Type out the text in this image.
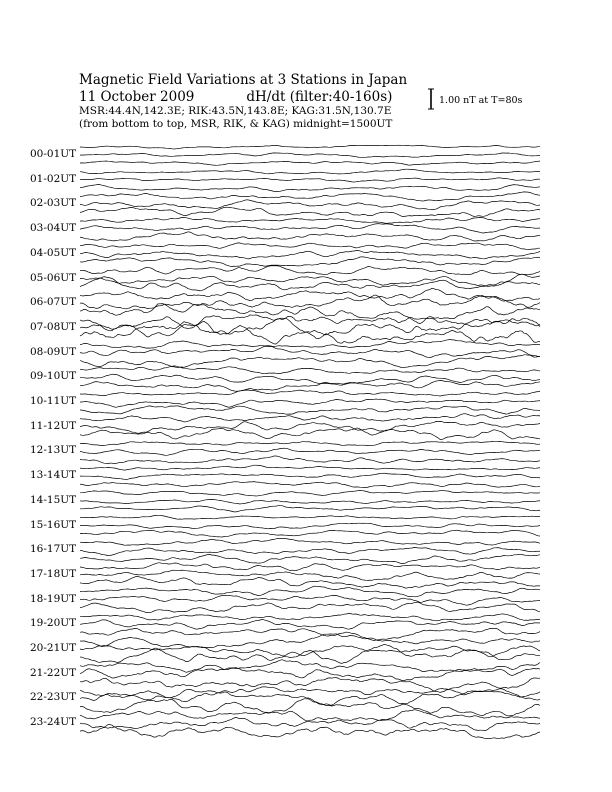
Magnetic Field Variations at 3 Stations in Japan
11 October 2009	dH/dt (filter:40-160s)
MSR:44.4N,142.3E; RIK:43.5N,143.8E; KAG:31.5N,130.7E
(from bottom to top, MSR, RIK, & KAG) midnight=1500UT
1.00 nT at T=80s
00-01UT
01-02UT
02-03UT
03-04UT
04-05UT
05-06UT
06-07UT
07-08UT
08-09UT
09-10UT
10-11UT
11-12UT
12-13UT
13-14UT
14-15UT
15-16UT
16-17UT
17-18UT
18-19UT
19-20UT
20-21UT
21-22UT
22-23UT
23-24UT
